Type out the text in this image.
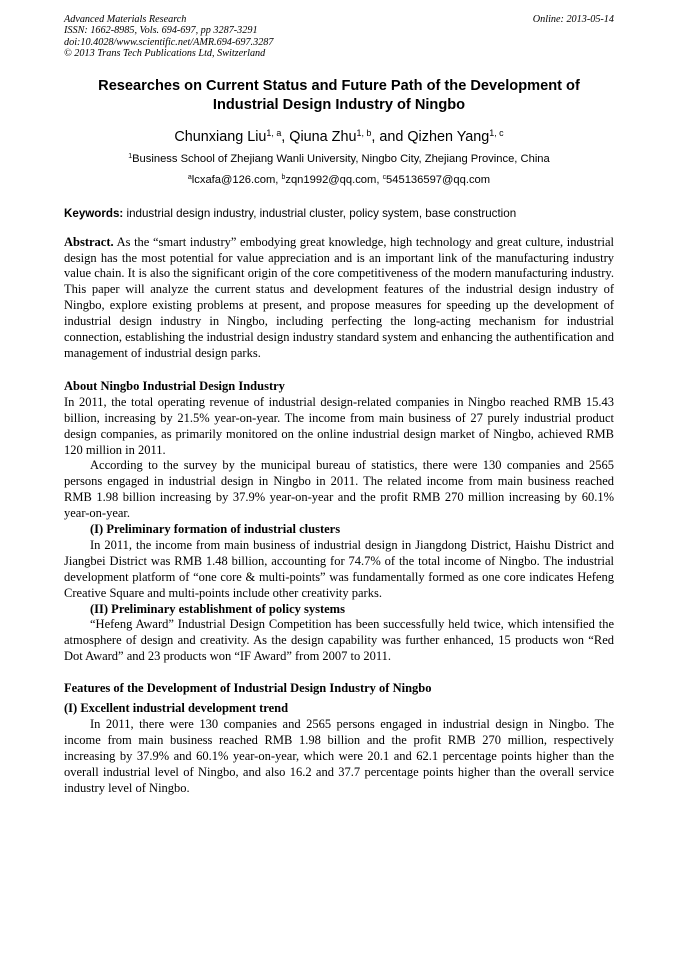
Advanced Materials Research
ISSN: 1662-8985, Vols. 694-697, pp 3287-3291
doi:10.4028/www.scientific.net/AMR.694-697.3287
© 2013 Trans Tech Publications Ltd, Switzerland
Online: 2013-05-14
Researches on Current Status and Future Path of the Development of
Industrial Design Industry of Ningbo
Chunxiang Liu$^{1, a}$, Qiuna Zhu$^{1, b}$, and Qizhen Yang$^{1, c}$
$^1$Business School of Zhejiang Wanli University, Ningbo City, Zhejiang Province, China
$^a$lcxafa@126.com, $^b$zqn1992@qq.com, $^c$545136597@qq.com
Keywords: industrial design industry, industrial cluster, policy system, base construction

Abstract. As the “smart industry” embodying great knowledge, high technology and great culture, industrial design has the most potential for value appreciation and is an important link of the manufacturing industry value chain. It is also the significant origin of the core competitiveness of the modern manufacturing industry. This paper will analyze the current status and development features of the industrial design industry of Ningbo, explore existing problems at present, and propose measures for speeding up the development of industrial design industry in Ningbo, including perfecting the long-acting mechanism for industrial connection, establishing the industrial design industry standard system and enhancing the authentification and management of industrial design parks.

About Ningbo Industrial Design Industry

In 2011, the total operating revenue of industrial design-related companies in Ningbo reached RMB 15.43 billion, increasing by 21.5% year-on-year. The income from main business of 27 purely industrial product design companies, as primarily monitored on the online industrial design market of Ningbo, achieved RMB 120 million in 2011.

According to the survey by the municipal bureau of statistics, there were 130 companies and 2565 persons engaged in industrial design in Ningbo in 2011. The related income from main business reached RMB 1.98 billion increasing by 37.9% year-on-year and the profit RMB 270 million increasing by 60.1% year-on-year.

(I) Preliminary formation of industrial clusters

In 2011, the income from main business of industrial design in Jiangdong District, Haishu District and Jiangbei District was RMB 1.48 billion, accounting for 74.7% of the total income of Ningbo. The industrial development platform of “one core & multi-points” was fundamentally formed as one core indicates Hefeng Creative Square and multi-points include other creativity parks.

(II) Preliminary establishment of policy systems

“Hefeng Award” Industrial Design Competition has been successfully held twice, which intensified the atmosphere of design and creativity. As the design capability was further enhanced, 15 products won “Red Dot Award” and 23 products won “IF Award” from 2007 to 2011.

Features of the Development of Industrial Design Industry of Ningbo
(I) Excellent industrial development trend

In 2011, there were 130 companies and 2565 persons engaged in industrial design in Ningbo. The income from main business reached RMB 1.98 billion and the profit RMB 270 million, respectively increasing by 37.9% and 60.1% year-on-year, which were 20.1 and 62.1 percentage points higher than the overall industrial level of Ningbo, and also 16.2 and 37.7 percentage points higher than the overall service industry level of Ningbo.
